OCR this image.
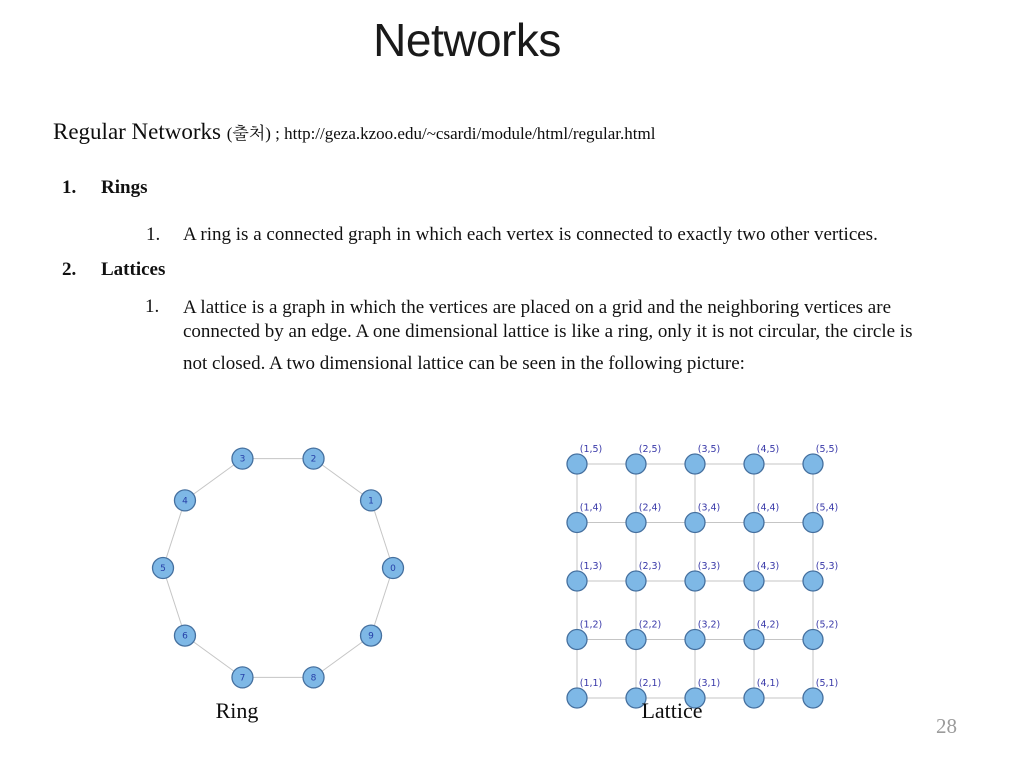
Networks
Regular Networks (출처) ; http://geza.kzoo.edu/~csardi/module/html/regular.html
1. Rings
1. A ring is a connected graph in which each vertex is connected to exactly two other vertices.
2. Lattices
1. A lattice is a graph in which the vertices are placed on a grid and the neighboring vertices are
connected by an edge. A one dimensional lattice is like a ring, only it is not circular, the circle is
not closed. A two dimensional lattice can be seen in the following picture:
0
1
2
3
4
5
6
7	8
9
Ring
(1,5)	(2,5)	(3,5)	(4,5)	(5,5)
(1,4)	(2,4)	(3,4)	(4,4)	(5,4)
(1,3)	(2,3)	(3,3)	(4,3)	(5,3)
(1,2)	(2,2)	(3,2)	(4,2)	(5,2)
(1,1)	(2,1)	(3,1)	(4,1)	(5,1)
Lattice
28
